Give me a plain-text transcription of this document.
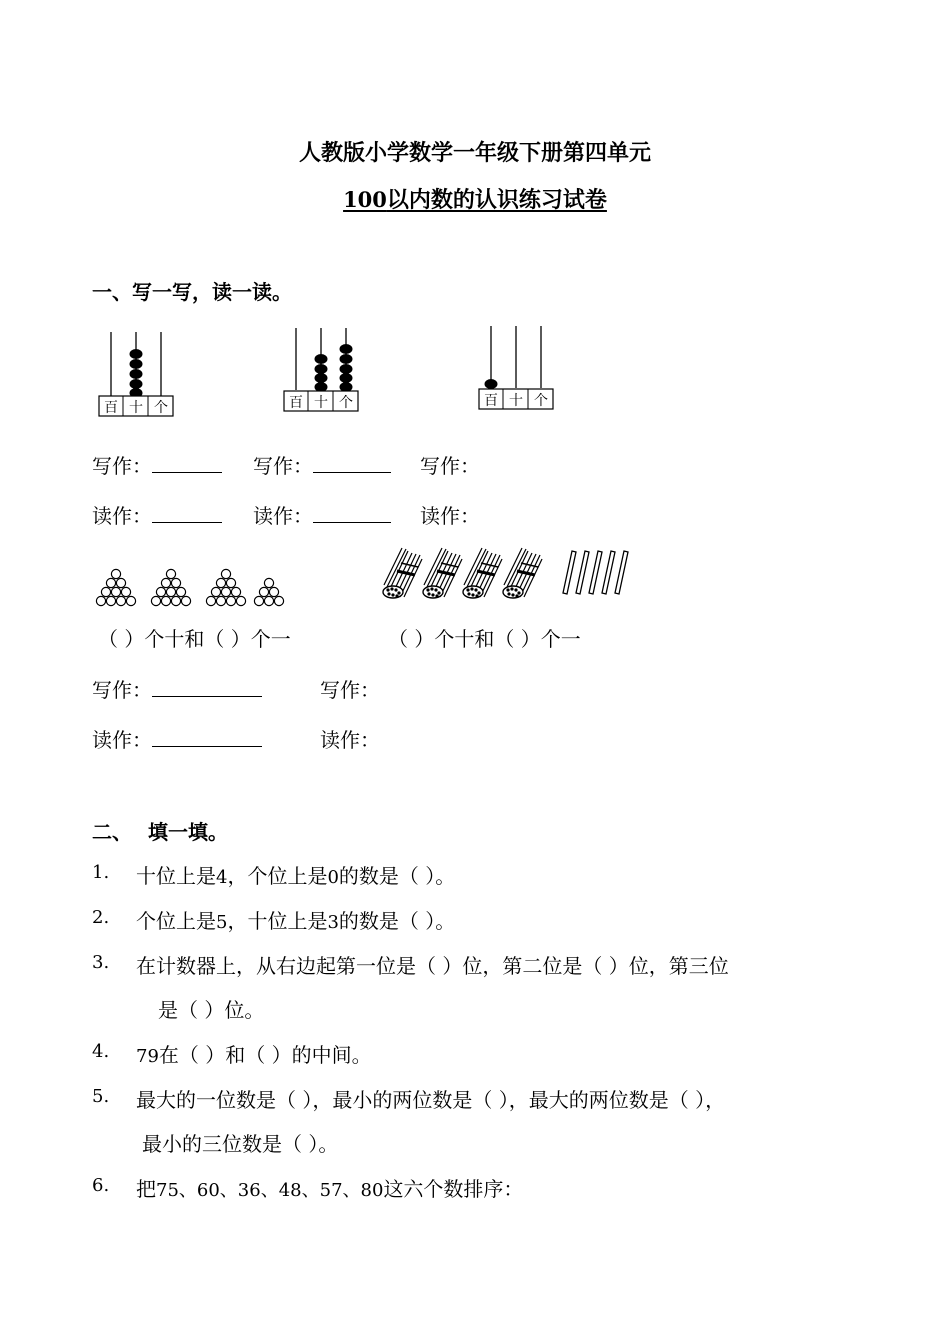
人教版小学数学一年级下册第四单元
100以内数的认识练习试卷
一、写一写，读一读。
百 十 个	百 十 个	百 十 个
写作：	写作：	写作：
读作：	读作：	读作：
（ ）个十和（ ）个一	（ ）个十和（ ）个一
写作：	写作：
读作：	读作：
二、 填一填。
1. 十位上是4，个位上是0的数是（ ）。
2. 个位上是5，十位上是3的数是（ ）。
3. 在计数器上，从右边起第一位是（ ）位，第二位是（ ）位，第三位
是（ ）位。
4. 79在（ ）和（ ）的中间。
5. 最大的一位数是（ ），最小的两位数是（ ），最大的两位数是（ ），
最小的三位数是（ ）。
6. 把75、60、36、48、57、80这六个数排序：
